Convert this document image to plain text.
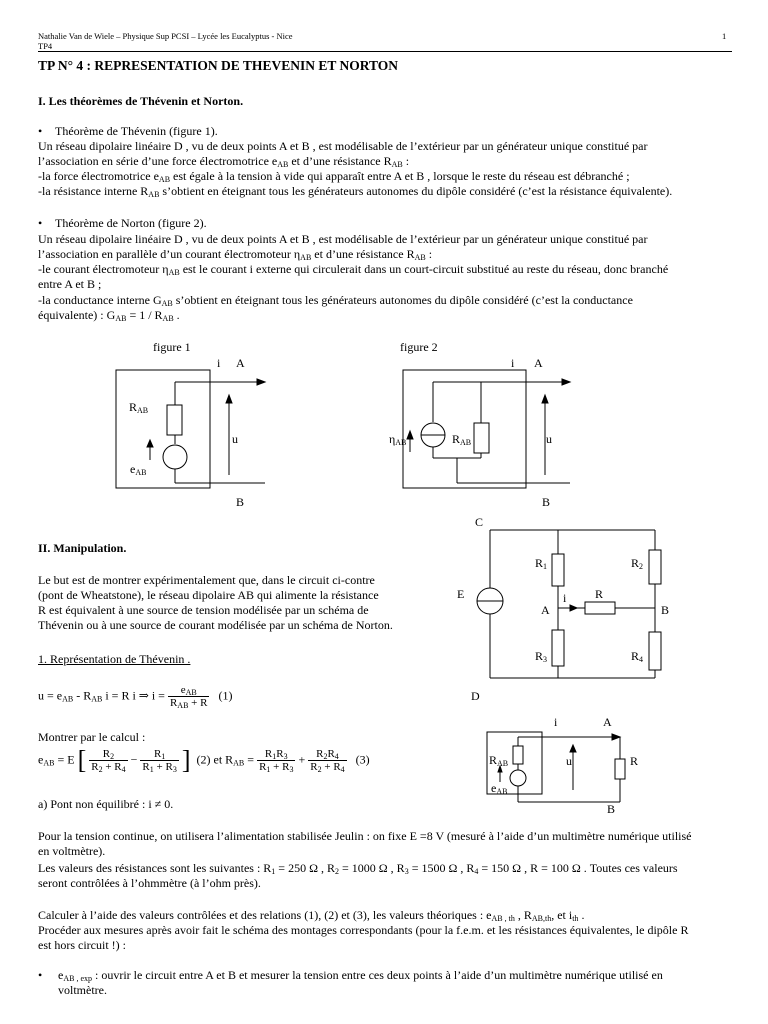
Nathalie Van de Wiele – Physique Sup PCSI – Lycée les Eucalyptus - Nice
TP4
1
TP N° 4 : REPRESENTATION DE THEVENIN ET NORTON
I. Les théorèmes de Thévenin et Norton.
• Théorème de Thévenin (figure 1).
Un réseau dipolaire linéaire D , vu de deux points A et B , est modélisable de l’extérieur par un générateur unique constitué par
l’association en série d’une force électromotrice $e_{AB}$ et d’une résistance $R_{AB}$ :
-la force électromotrice $e_{AB}$ est égale à la tension à vide qui apparaît entre A et B , lorsque le reste du réseau est débranché ;
-la résistance interne $R_{AB}$ s’obtient en éteignant tous les générateurs autonomes du dipôle considéré (c’est la résistance équivalente).
• Théorème de Norton (figure 2).
Un réseau dipolaire linéaire D , vu de deux points A et B , est modélisable de l’extérieur par un générateur unique constitué par
l’association en parallèle d’un courant électromoteur $\eta_{AB}$ et d’une résistance $R_{AB}$ :
-le courant électromoteur $\eta_{AB}$ est le courant i externe qui circulerait dans un court-circuit substitué au reste du réseau, donc branché
entre A et B ;
-la conductance interne $G_{AB}$ s’obtient en éteignant tous les générateurs autonomes du dipôle considéré (c’est la conductance
équivalente) : $G_{AB} = 1 / R_{AB}$ .
figure 1
i A
RAB
eAB
u
B
figure 2
i A
ηAB	RAB	u
B
C
II. Manipulation.
Le but est de montrer expérimentalement que, dans le circuit ci-contre
(pont de Wheatstone), le réseau dipolaire AB qui alimente la résistance
R est équivalent à une source de tension modélisée par un schéma de
Thévenin ou à une source de courant modélisée par un schéma de Norton.
1. Représentation de Thévenin .
$u = e_{AB} - R_{AB}$ i = R i ⇒ $i = \frac{e_{AB}}{R_{AB} + R} (1)$
Montrer par le calcul :
$e_{AB} = E$ [ $\frac{R_2}{R_2 + R_4} - \frac{R_1}{R_1 + R_3}$ ] (2) et $R_{AB} = \frac{R_1R_3}{R_1 + R_3} + \frac{R_2R_4}{R_2 + R_4} (3)$
a) Pont non équilibré : i ≠ 0.
Pour la tension continue, on utilisera l’alimentation stabilisée Jeulin : on fixe E =8 V (mesuré à l’aide d’un multimètre numérique utilisé
en voltmètre).
Les valeurs des résistances sont les suivantes : $R_1 = 250$ Ω , $R_2 = 1000$ Ω , $R_3 = 1500$ Ω , $R_4 = 150$ Ω , R = 100 Ω . Toutes ces valeurs
seront contrôlées à l’ohmmètre (à l’ohm près).
Calculer à l’aide des valeurs contrôlées et des relations (1), (2) et (3), les valeurs théoriques : $e_{AB , th}$ , $R_{AB,th}$, et $i_{th}$ .
Procéder aux mesures après avoir fait le schéma des montages correspondants (pour la f.e.m. et les résistances équivalentes, le dipôle R
est hors circuit !) :
• $e_{AB , exp}$ : ouvrir le circuit entre A et B et mesurer la tension entre ces deux points à l’aide d’un multimètre numérique utilisé en
voltmètre.
E
R1	R2
R3	R4
R
i
A	B
D
i	A
RAB
eAB
u	R
B
